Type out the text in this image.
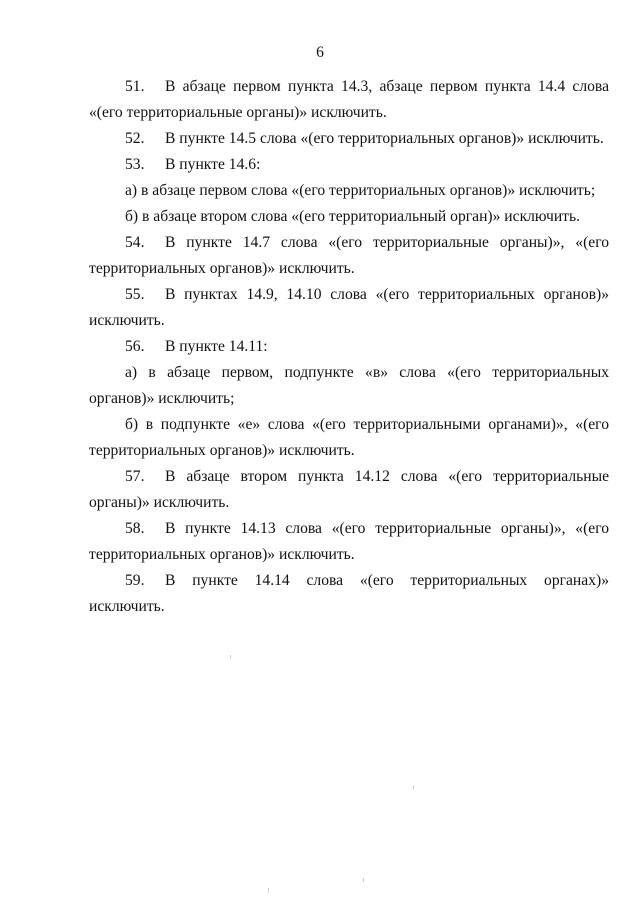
6

51. В абзаце первом пункта 14.3, абзаце первом пункта 14.4 слова «(его территориальные органы)» исключить.

52. В пункте 14.5 слова «(его территориальных органов)» исключить.

53. В пункте 14.6:

а) в абзаце первом слова «(его территориальных органов)» исключить;

б) в абзаце втором слова «(его территориальный орган)» исключить.

54. В пункте 14.7 слова «(его территориальные органы)», «(его территориальных органов)» исключить.

55. В пунктах 14.9, 14.10 слова «(его территориальных органов)» исключить.

56. В пункте 14.11:

а) в абзаце первом, подпункте «в» слова «(его территориальных органов)» исключить;

б) в подпункте «е» слова «(его территориальными органами)», «(его территориальных органов)» исключить.

57. В абзаце втором пункта 14.12 слова «(его территориальные органы)» исключить.

58. В пункте 14.13 слова «(его территориальные органы)», «(его территориальных органов)» исключить.

59. В пункте 14.14 слова «(его территориальных органах)» исключить.
